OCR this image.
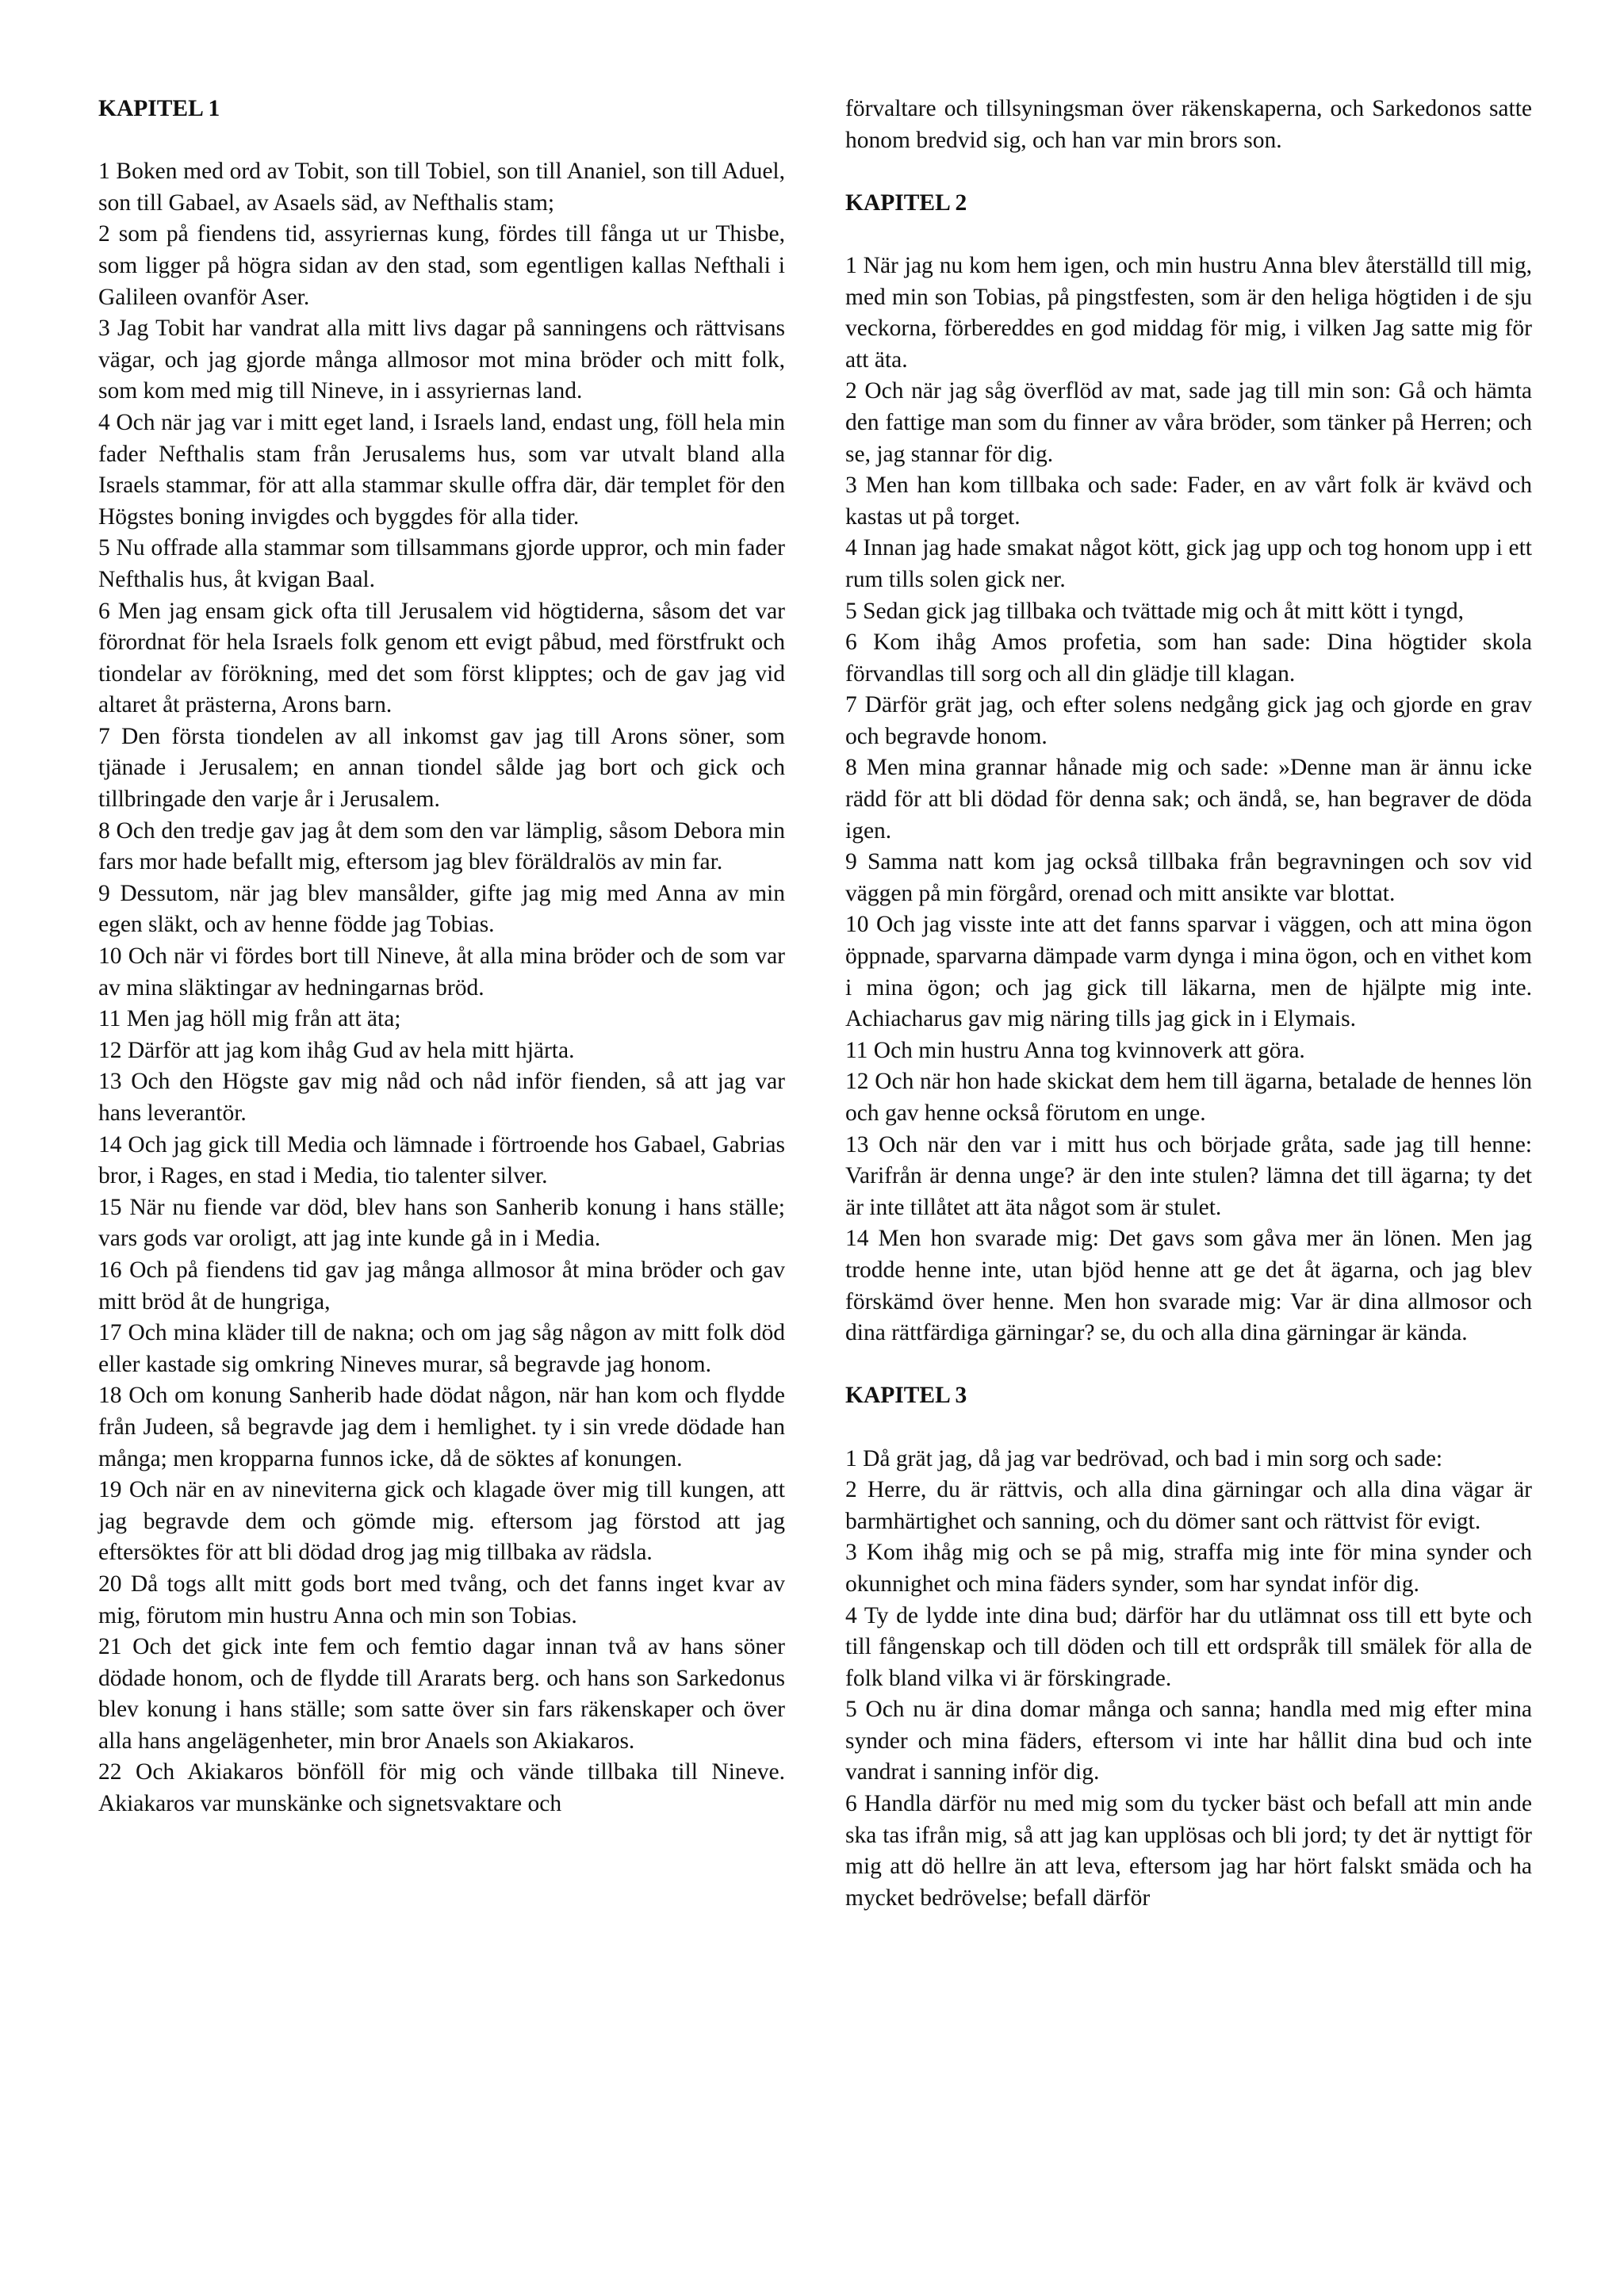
KAPITEL 1

1 Boken med ord av Tobit, son till Tobiel, son till Ananiel, son till Aduel, son till Gabael, av Asaels säd, av Nefthalis stam;

2 som på fiendens tid, assyriernas kung, fördes till fånga ut ur Thisbe, som ligger på högra sidan av den stad, som egentligen kallas Nefthali i Galileen ovanför Aser.

3 Jag Tobit har vandrat alla mitt livs dagar på sanningens och rättvisans vägar, och jag gjorde många allmosor mot mina bröder och mitt folk, som kom med mig till Nineve, in i assyriernas land.

4 Och när jag var i mitt eget land, i Israels land, endast ung, föll hela min fader Nefthalis stam från Jerusalems hus, som var utvalt bland alla Israels stammar, för att alla stammar skulle offra där, där templet för den Högstes boning invigdes och byggdes för alla tider.

5 Nu offrade alla stammar som tillsammans gjorde uppror, och min fader Nefthalis hus, åt kvigan Baal.

6 Men jag ensam gick ofta till Jerusalem vid högtiderna, såsom det var förordnat för hela Israels folk genom ett evigt påbud, med förstfrukt och tiondelar av förökning, med det som först klipptes; och de gav jag vid altaret åt prästerna, Arons barn.

7 Den första tiondelen av all inkomst gav jag till Arons söner, som tjänade i Jerusalem; en annan tiondel sålde jag bort och gick och tillbringade den varje år i Jerusalem.

8 Och den tredje gav jag åt dem som den var lämplig, såsom Debora min fars mor hade befallt mig, eftersom jag blev föräldralös av min far.

9 Dessutom, när jag blev mansålder, gifte jag mig med Anna av min egen släkt, och av henne födde jag Tobias.

10 Och när vi fördes bort till Nineve, åt alla mina bröder och de som var av mina släktingar av hedningarnas bröd.

11 Men jag höll mig från att äta;

12 Därför att jag kom ihåg Gud av hela mitt hjärta.

13 Och den Högste gav mig nåd och nåd inför fienden, så att jag var hans leverantör.

14 Och jag gick till Media och lämnade i förtroende hos Gabael, Gabrias bror, i Rages, en stad i Media, tio talenter silver.

15 När nu fiende var död, blev hans son Sanherib konung i hans ställe; vars gods var oroligt, att jag inte kunde gå in i Media.

16 Och på fiendens tid gav jag många allmosor åt mina bröder och gav mitt bröd åt de hungriga,

17 Och mina kläder till de nakna; och om jag såg någon av mitt folk död eller kastade sig omkring Nineves murar, så begravde jag honom.

18 Och om konung Sanherib hade dödat någon, när han kom och flydde från Judeen, så begravde jag dem i hemlighet. ty i sin vrede dödade han många; men kropparna funnos icke, då de söktes af konungen.

19 Och när en av nineviterna gick och klagade över mig till kungen, att jag begravde dem och gömde mig. eftersom jag förstod att jag eftersöktes för att bli dödad drog jag mig tillbaka av rädsla.

20 Då togs allt mitt gods bort med tvång, och det fanns inget kvar av mig, förutom min hustru Anna och min son Tobias.

21 Och det gick inte fem och femtio dagar innan två av hans söner dödade honom, och de flydde till Ararats berg. och hans son Sarkedonus blev konung i hans ställe; som satte över sin fars räkenskaper och över alla hans angelägenheter, min bror Anaels son Akiakaros.

22 Och Akiakaros bönföll för mig och vände tillbaka till Nineve. Akiakaros var munskänke och signetsvaktare och

förvaltare och tillsyningsman över räkenskaperna, och Sarkedonos satte honom bredvid sig, och han var min brors son.

KAPITEL 2

1 När jag nu kom hem igen, och min hustru Anna blev återställd till mig, med min son Tobias, på pingstfesten, som är den heliga högtiden i de sju veckorna, förbereddes en god middag för mig, i vilken Jag satte mig för att äta.

2 Och när jag såg överflöd av mat, sade jag till min son: Gå och hämta den fattige man som du finner av våra bröder, som tänker på Herren; och se, jag stannar för dig.

3 Men han kom tillbaka och sade: Fader, en av vårt folk är kvävd och kastas ut på torget.

4 Innan jag hade smakat något kött, gick jag upp och tog honom upp i ett rum tills solen gick ner.

5 Sedan gick jag tillbaka och tvättade mig och åt mitt kött i tyngd,

6 Kom ihåg Amos profetia, som han sade: Dina högtider skola förvandlas till sorg och all din glädje till klagan.

7 Därför grät jag, och efter solens nedgång gick jag och gjorde en grav och begravde honom.

8 Men mina grannar hånade mig och sade: »Denne man är ännu icke rädd för att bli dödad för denna sak; och ändå, se, han begraver de döda igen.

9 Samma natt kom jag också tillbaka från begravningen och sov vid väggen på min förgård, orenad och mitt ansikte var blottat.

10 Och jag visste inte att det fanns sparvar i väggen, och att mina ögon öppnade, sparvarna dämpade varm dynga i mina ögon, och en vithet kom i mina ögon; och jag gick till läkarna, men de hjälpte mig inte. Achiacharus gav mig näring tills jag gick in i Elymais.

11 Och min hustru Anna tog kvinnoverk att göra.

12 Och när hon hade skickat dem hem till ägarna, betalade de hennes lön och gav henne också förutom en unge.

13 Och när den var i mitt hus och började gråta, sade jag till henne: Varifrån är denna unge? är den inte stulen? lämna det till ägarna; ty det är inte tillåtet att äta något som är stulet.

14 Men hon svarade mig: Det gavs som gåva mer än lönen. Men jag trodde henne inte, utan bjöd henne att ge det åt ägarna, och jag blev förskämd över henne. Men hon svarade mig: Var är dina allmosor och dina rättfärdiga gärningar? se, du och alla dina gärningar är kända.

KAPITEL 3

1 Då grät jag, då jag var bedrövad, och bad i min sorg och sade:

2 Herre, du är rättvis, och alla dina gärningar och alla dina vägar är barmhärtighet och sanning, och du dömer sant och rättvist för evigt.

3 Kom ihåg mig och se på mig, straffa mig inte för mina synder och okunnighet och mina fäders synder, som har syndat inför dig.

4 Ty de lydde inte dina bud; därför har du utlämnat oss till ett byte och till fångenskap och till döden och till ett ordspråk till smälek för alla de folk bland vilka vi är förskingrade.

5 Och nu är dina domar många och sanna; handla med mig efter mina synder och mina fäders, eftersom vi inte har hållit dina bud och inte vandrat i sanning inför dig.

6 Handla därför nu med mig som du tycker bäst och befall att min ande ska tas ifrån mig, så att jag kan upplösas och bli jord; ty det är nyttigt för mig att dö hellre än att leva, eftersom jag har hört falskt smäda och ha mycket bedrövelse; befall därför
